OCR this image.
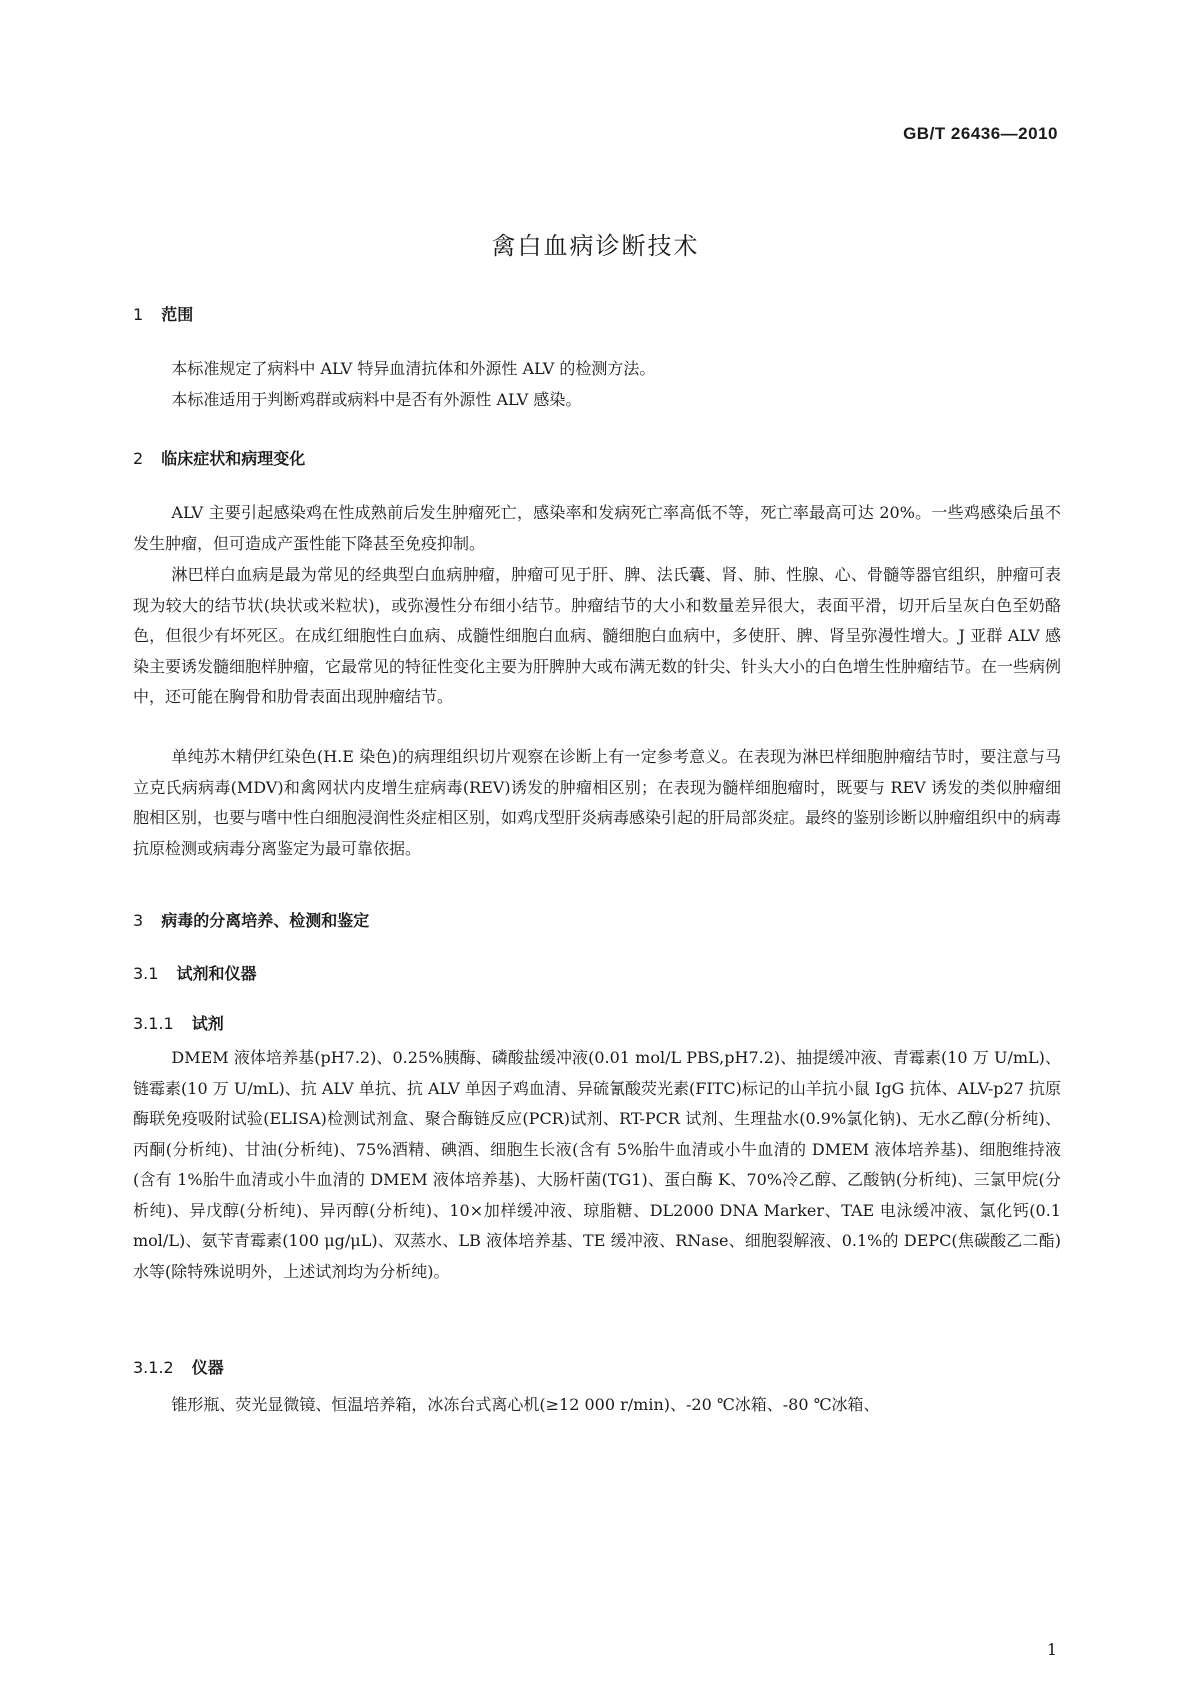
GB/T 26436—2010
禽白血病诊断技术
1 范围

本标准规定了病料中 ALV 特异血清抗体和外源性 ALV 的检测方法。

本标准适用于判断鸡群或病料中是否有外源性 ALV 感染。

2 临床症状和病理变化

ALV 主要引起感染鸡在性成熟前后发生肿瘤死亡，感染率和发病死亡率高低不等，死亡率最高可达 20%。一些鸡感染后虽不发生肿瘤，但可造成产蛋性能下降甚至免疫抑制。

淋巴样白血病是最为常见的经典型白血病肿瘤，肿瘤可见于肝、脾、法氏囊、肾、肺、性腺、心、骨髓等器官组织，肿瘤可表现为较大的结节状(块状或米粒状)，或弥漫性分布细小结节。肿瘤结节的大小和数量差异很大，表面平滑，切开后呈灰白色至奶酪色，但很少有坏死区。在成红细胞性白血病、成髓性细胞白血病、髓细胞白血病中，多使肝、脾、肾呈弥漫性增大。J 亚群 ALV 感染主要诱发髓细胞样肿瘤，它最常见的特征性变化主要为肝脾肿大或布满无数的针尖、针头大小的白色增生性肿瘤结节。在一些病例中，还可能在胸骨和肋骨表面出现肿瘤结节。

单纯苏木精伊红染色(H.E 染色)的病理组织切片观察在诊断上有一定参考意义。在表现为淋巴样细胞肿瘤结节时，要注意与马立克氏病病毒(MDV)和禽网状内皮增生症病毒(REV)诱发的肿瘤相区别；在表现为髓样细胞瘤时，既要与 REV 诱发的类似肿瘤细胞相区别，也要与嗜中性白细胞浸润性炎症相区别，如鸡戊型肝炎病毒感染引起的肝局部炎症。最终的鉴别诊断以肿瘤组织中的病毒抗原检测或病毒分离鉴定为最可靠依据。

3 病毒的分离培养、检测和鉴定
3.1 试剂和仪器
3.1.1 试剂

DMEM 液体培养基(pH7.2)、0.25%胰酶、磷酸盐缓冲液(0.01 mol/L PBS,pH7.2)、抽提缓冲液、青霉素(10 万 U/mL)、链霉素(10 万 U/mL)、抗 ALV 单抗、抗 ALV 单因子鸡血清、异硫氰酸荧光素(FITC)标记的山羊抗小鼠 IgG 抗体、ALV-p27 抗原酶联免疫吸附试验(ELISA)检测试剂盒、聚合酶链反应(PCR)试剂、RT-PCR 试剂、生理盐水(0.9%氯化钠)、无水乙醇(分析纯)、丙酮(分析纯)、甘油(分析纯)、75%酒精、碘酒、细胞生长液(含有 5%胎牛血清或小牛血清的 DMEM 液体培养基)、细胞维持液(含有 1%胎牛血清或小牛血清的 DMEM 液体培养基)、大肠杆菌(TG1)、蛋白酶 K、70%冷乙醇、乙酸钠(分析纯)、三氯甲烷(分析纯)、异戊醇(分析纯)、异丙醇(分析纯)、10×加样缓冲液、琼脂糖、DL2000 DNA Marker、TAE 电泳缓冲液、氯化钙(0.1 mol/L)、氨苄青霉素(100 μg/μL)、双蒸水、LB 液体培养基、TE 缓冲液、RNase、细胞裂解液、0.1%的 DEPC(焦碳酸乙二酯)水等(除特殊说明外，上述试剂均为分析纯)。

3.1.2 仪器

锥形瓶、荧光显微镜、恒温培养箱，冰冻台式离心机(≥12 000 r/min)、-20 ℃冰箱、-80 ℃冰箱、

1
